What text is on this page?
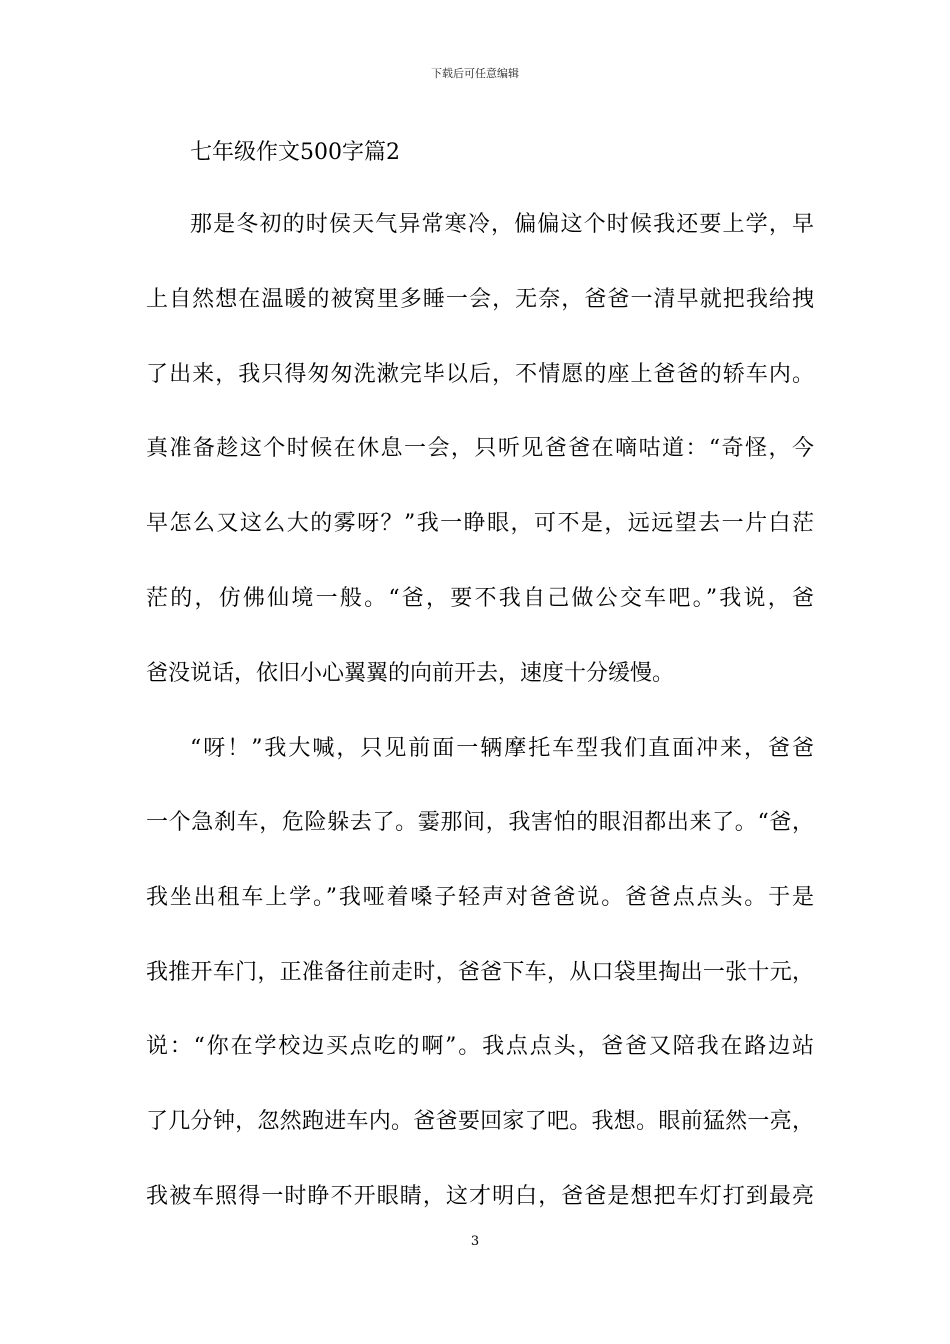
下载后可任意编辑
七年级作文500字篇2
那是冬初的时侯天气异常寒冷，偏偏这个时候我还要上学，早
上自然想在温暖的被窝里多睡一会，无奈，爸爸一清早就把我给拽
了出来，我只得匆匆洗漱完毕以后，不情愿的座上爸爸的轿车内。
真准备趁这个时候在休息一会，只听见爸爸在嘀咕道：“奇怪，今
早怎么又这么大的雾呀？”我一睁眼，可不是，远远望去一片白茫
茫的，仿佛仙境一般。“爸，要不我自己做公交车吧。”我说，爸
爸没说话，依旧小心翼翼的向前开去，速度十分缓慢。
“呀！”我大喊，只见前面一辆摩托车型我们直面冲来，爸爸
一个急刹车，危险躲去了。霎那间，我害怕的眼泪都出来了。“爸，
我坐出租车上学。”我哑着嗓子轻声对爸爸说。爸爸点点头。于是
我推开车门，正准备往前走时，爸爸下车，从口袋里掏出一张十元，
说：“你在学校边买点吃的啊”。我点点头，爸爸又陪我在路边站
了几分钟，忽然跑进车内。爸爸要回家了吧。我想。眼前猛然一亮，
我被车照得一时睁不开眼睛，这才明白，爸爸是想把车灯打到最亮
3
